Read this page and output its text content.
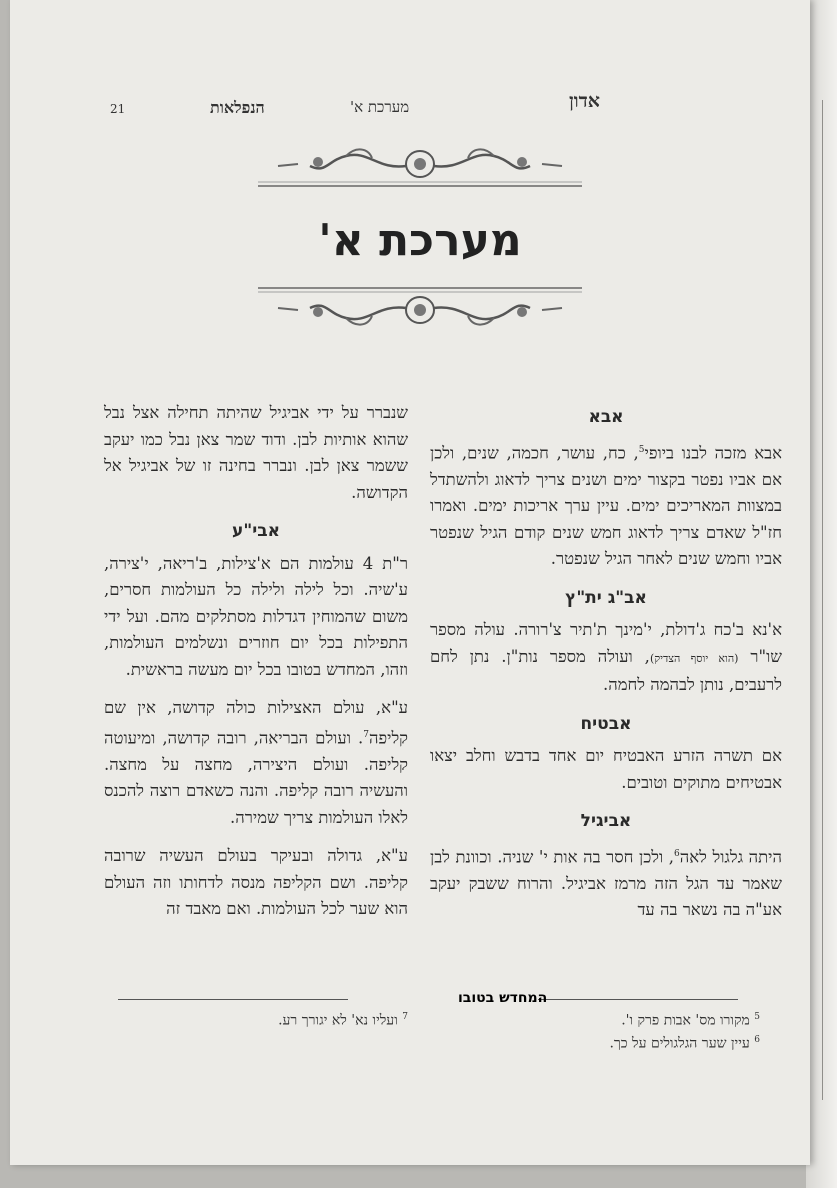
אדון
מערכת א'
הנפלאות
21
מערכת א'
אבא

אבא מזכה לבנו ביופי$^5$, כח, עושר, חכמה, שנים, ולכן אם אביו נפטר בקצור ימים ושנים צריך לדאוג ולהשתדל במצוות המאריכים ימים. עיין ערך אריכות ימים. ואמרו חז"ל שאדם צריך לדאוג חמש שנים קודם הגיל שנפטר אביו וחמש שנים לאחר הגיל שנפטר.

אב"ג ית"ץ

א'נא ב'כח ג'דולת, י'מינך ת'תיר צ'רורה. עולה מספר שו"ר (הוא יוסף הצדיק), ועולה מספר נות"ן. נתן לחם לרעבים, נותן לבהמה לחמה.

אבטיח

אם תשרה הזרע האבטיח יום אחד בדבש וחלב יצאו אבטיחים מתוקים וטובים.

אביגיל

היתה גלגול לאה$^6$, ולכן חסר בה אות י' שניה. וכוונת לבן שאמר עד הגל הזה מרמז אביגיל. והרוח ששבק יעקב אע"ה בה נשאר בה עד

שנברר על ידי אביגיל שהיתה תחילה אצל נבל שהוא אותיות לבן. ודוד שמר צאן נבל כמו יעקב ששמר צאן לבן. ונברר בחינה זו של אביגיל אל הקדושה.

אבי"ע

ר"ת 4 עולמות הם א'צילות, ב'ריאה, י'צירה, ע'שיה. וכל לילה ולילה כל העולמות חסרים, משום שהמוחין דגדלות מסתלקים מהם. ועל ידי התפילות בכל יום חוזרים ונשלמים העולמות, וזהו, המחדש בטובו בכל יום מעשה בראשית.

ע"א, עולם האצילות כולה קדושה, אין שם קליפה$^7$. ועולם הבריאה, רובה קדושה, ומיעוטה קליפה. ועולם היצירה, מחצה על מחצה. והעשיה רובה קליפה. והנה כשאדם רוצה להכנס לאלו העולמות צריך שמירה.

ע"א, גדולה ובעיקר בעולם העשיה שרובה קליפה. ושם הקליפה מנסה לדחותו וזה העולם הוא שער לכל העולמות. ואם מאבד זה

המחדש בטובו
$^5$ מקורו מס' אבות פרק ו'.
$^6$ עיין שער הגלגולים על כך.
$^7$ ועליו נא' לא יגורך רע.
